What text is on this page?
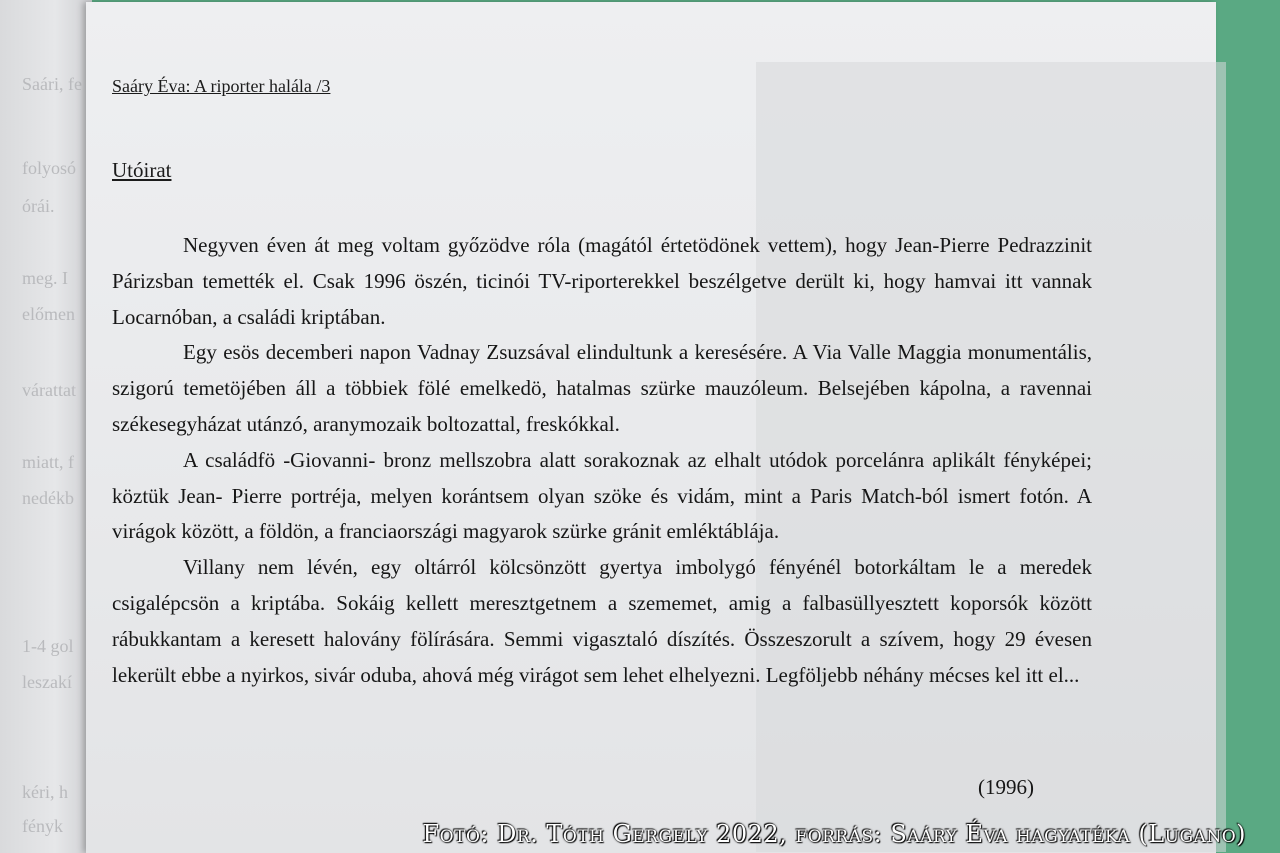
Saári, fe
folyosó
órái.
meg. I
előmen
várattat
miatt, f
nedékb
1-4 gol
leszakí
kéri, h
fényk
Saáry Éva: A riporter halála /3
Utóirat

Negyven éven át meg voltam győzödve róla (magától értetödönek vettem), hogy Jean-Pierre Pedrazzinit Párizsban temették el. Csak 1996 öszén, ticinói TV-riporterekkel beszélgetve derült ki, hogy hamvai itt vannak Locarnóban, a családi kriptában.

Egy esös decemberi napon Vadnay Zsuzsával elindultunk a keresésére. A Via Valle Maggia monumentális, szigorú temetöjében áll a többiek fölé emelkedö, hatalmas szürke mauzóleum. Belsejében kápolna, a ravennai székesegyházat utánzó, aranymozaik boltozattal, freskókkal.

A családfö -Giovanni- bronz mellszobra alatt sorakoznak az elhalt utódok porcelánra aplikált fényképei; köztük Jean- Pierre portréja, melyen korántsem olyan szöke és vidám, mint a Paris Match-ból ismert fotón. A virágok között, a földön, a franciaországi magyarok szürke gránit emléktáblája.

Villany nem lévén, egy oltárról kölcsönzött gyertya imbolygó fényénél botorkáltam le a meredek csigalépcsön a kriptába. Sokáig kellett meresztgetnem a szememet, amig a falbasüllyesztett koporsók között rábukkantam a keresett halovány fölírására. Semmi vigasztaló díszítés. Összeszorult a szívem, hogy 29 évesen lekerült ebbe a nyirkos, sivár oduba, ahová még virágot sem lehet elhelyezni. Legföljebb néhány mécses kel itt el...

(1996)
Fotó: Dr. Tóth Gergely 2022, forrás: Saáry Éva hagyatéka (Lugano)
